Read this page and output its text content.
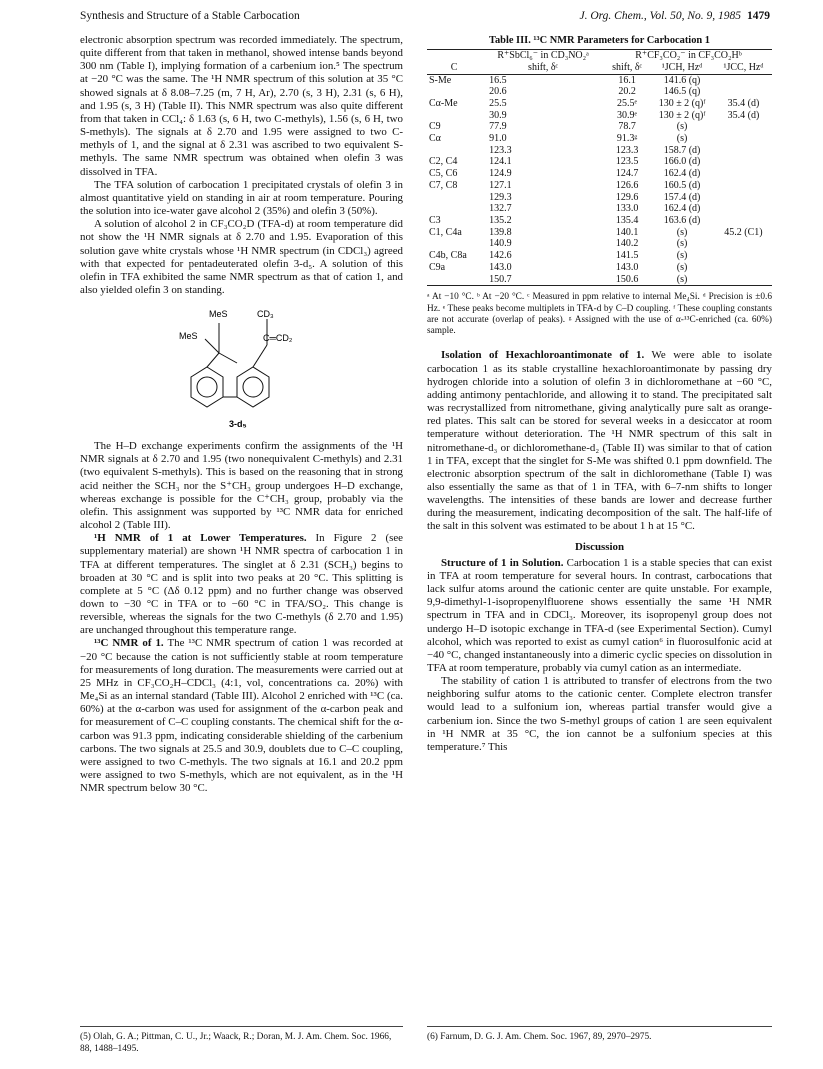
Synthesis and Structure of a Stable Carbocation	J. Org. Chem., Vol. 50, No. 9, 1985 1479

electronic absorption spectrum was recorded immediately. The spectrum, quite different from that taken in methanol, showed intense bands beyond 300 nm (Table I), implying formation of a carbenium ion.⁵ The spectrum at −20 °C was the same. The ¹H NMR spectrum of this solution at 35 °C showed signals at δ 8.08–7.25 (m, 7 H, Ar), 2.70 (s, 3 H), 2.31 (s, 6 H), and 1.95 (s, 3 H) (Table II). This NMR spectrum was also quite different from that taken in CCl₄: δ 1.63 (s, 6 H, two C-methyls), 1.56 (s, 6 H, two S-methyls). The signals at δ 2.70 and 1.95 were assigned to two C-methyls of 1, and the signal at δ 2.31 was ascribed to two equivalent S-methyls. The same NMR spectrum was obtained when olefin 3 was dissolved in TFA.

The TFA solution of carbocation 1 precipitated crystals of olefin 3 in almost quantitative yield on standing in air at room temperature. Pouring the solution into ice-water gave alcohol 2 (35%) and olefin 3 (50%).

A solution of alcohol 2 in CF₃CO₂D (TFA-d) at room temperature did not show the ¹H NMR signals at δ 2.70 and 1.95. Evaporation of this solution gave white crystals whose ¹H NMR spectrum (in CDCl₃) agreed with that expected for pentadeuterated olefin 3-d₅. A solution of this olefin in TFA exhibited the same NMR spectrum as that of cation 1, and also yielded olefin 3 on standing.

MeS	CD₃
MeS	C═CD₂
3-d₅

The H–D exchange experiments confirm the assignments of the ¹H NMR signals at δ 2.70 and 1.95 (two nonequivalent C-methyls) and 2.31 (two equivalent S-methyls). This is based on the reasoning that in strong acid neither the SCH₃ nor the S⁺CH₃ group undergoes H–D exchange, whereas exchange is possible for the C⁺CH₃ group, probably via the olefin. This assignment was supported by ¹³C NMR data for enriched alcohol 2 (Table III).

¹H NMR of 1 at Lower Temperatures. In Figure 2 (see supplementary material) are shown ¹H NMR spectra of carbocation 1 in TFA at different temperatures. The singlet at δ 2.31 (SCH₃) begins to broaden at 30 °C and is split into two peaks at 20 °C. This splitting is complete at 5 °C (Δδ 0.12 ppm) and no further change was observed down to −30 °C in TFA or to −60 °C in TFA/SO₂. This change is reversible, whereas the signals for the two C-methyls (δ 2.70 and 1.95) are unchanged throughout this temperature range.

¹³C NMR of 1. The ¹³C NMR spectrum of cation 1 was recorded at −20 °C because the cation is not sufficiently stable at room temperature for measurements of long duration. The measurements were carried out at 25 MHz in CF₃CO₂H–CDCl₃ (4:1, vol, concentrations ca. 20%) with Me₄Si as an internal standard (Table III). Alcohol 2 enriched with ¹³C (ca. 60%) at the α-carbon was used for assignment of the α-carbon peak and for measurement of C–C coupling constants. The chemical shift for the α-carbon was 91.3 ppm, indicating considerable shielding of the carbenium carbons. The two signals at 25.5 and 30.9, doublets due to C–C coupling, were assigned to two C-methyls. The two signals at 16.1 and 20.2 ppm were assigned to two S-methyls, which are not equivalent, as in the ¹H NMR spectrum below 30 °C.

Table III. ¹³C NMR Parameters for Carbocation 1
C	R⁺SbCl₆⁻ in CD₃NO₂ᵃ	R⁺CF₃CO₂⁻ in CF₃CO₂Hᵇ		
	shift, δᶜ	shift, δᶜ	¹JCH, Hzᵈ	¹JCC, Hzᵈ
S-Me	16.5	16.1	141.6 (q)	
	20.6	20.2	146.5 (q)	
Cα-Me	25.5	25.5ᵉ	130 ± 2 (q)ᶠ	35.4 (d)
	30.9	30.9ᵉ	130 ± 2 (q)ᶠ	35.4 (d)
C9	77.9	78.7	(s)	
Cα	91.0	91.3ᵍ	(s)	
	123.3	123.3	158.7 (d)	
C2, C4	124.1	123.5	166.0 (d)	
C5, C6	124.9	124.7	162.4 (d)	
C7, C8	127.1	126.6	160.5 (d)	
	129.3	129.6	157.4 (d)	
	132.7	133.0	162.4 (d)	
C3	135.2	135.4	163.6 (d)	
C1, C4a	139.8	140.1	(s)	45.2 (C1)
	140.9	140.2	(s)	
C4b, C8a	142.6	141.5	(s)	
C9a	143.0	143.0	(s)	
	150.7	150.6	(s)	
ᵃ At −10 °C. ᵇ At −20 °C. ᶜ Measured in ppm relative to internal Me₄Si. ᵈ Precision is ±0.6 Hz. ᵉ These peaks become multiplets in TFA-d by C–D coupling. ᶠ These coupling constants are not accurate (overlap of peaks). ᵍ Assigned with the use of α-¹³C-enriched (ca. 60%) sample.

Isolation of Hexachloroantimonate of 1. We were able to isolate carbocation 1 as its stable crystalline hexachloroantimonate by passing dry hydrogen chloride into a solution of olefin 3 in dichloromethane at −60 °C, adding antimony pentachloride, and allowing it to stand. The precipitated salt was recrystallized from nitromethane, giving analytically pure salt as orange-red plates. This salt can be stored for several weeks in a desiccator at room temperature without deterioration. The ¹H NMR spectrum of this salt in nitromethane-d₃ or dichloromethane-d₂ (Table II) was similar to that of cation 1 in TFA, except that the singlet for S-Me was shifted 0.1 ppm downfield. The electronic absorption spectrum of the salt in dichloromethane (Table I) was also essentially the same as that of 1 in TFA, with 6–7-nm shifts to longer wavelengths. The intensities of these bands are lower and decrease further during the measurement, indicating decomposition of the salt. The half-life of the salt in this solvent was estimated to be about 1 h at 15 °C.

Discussion

Structure of 1 in Solution. Carbocation 1 is a stable species that can exist in TFA at room temperature for several hours. In contrast, carbocations that lack sulfur atoms around the cationic center are quite unstable. For example, 9,9-dimethyl-1-isopropenylfluorene shows essentially the same ¹H NMR spectrum in TFA and in CDCl₃. Moreover, its isopropenyl group does not undergo H–D isotopic exchange in TFA-d (see Experimental Section). Cumyl alcohol, which was reported to exist as cumyl cation⁶ in fluorosulfonic acid at −40 °C, changed instantaneously into a dimeric cyclic species on dissolution in TFA at room temperature, probably via cumyl cation as an intermediate.

The stability of cation 1 is attributed to transfer of electrons from the two neighboring sulfur atoms to the cationic center. Complete electron transfer would lead to a sulfonium ion, whereas partial transfer would give a carbenium ion. Since the two S-methyl groups of cation 1 are seen equivalent in ¹H NMR at 35 °C, the ion cannot be a sulfonium species at this temperature.⁷ This

(5) Olah, G. A.; Pittman, C. U., Jr.; Waack, R.; Doran, M. J. Am. Chem. Soc. 1966, 88, 1488–1495.
(6) Farnum, D. G. J. Am. Chem. Soc. 1967, 89, 2970–2975.
